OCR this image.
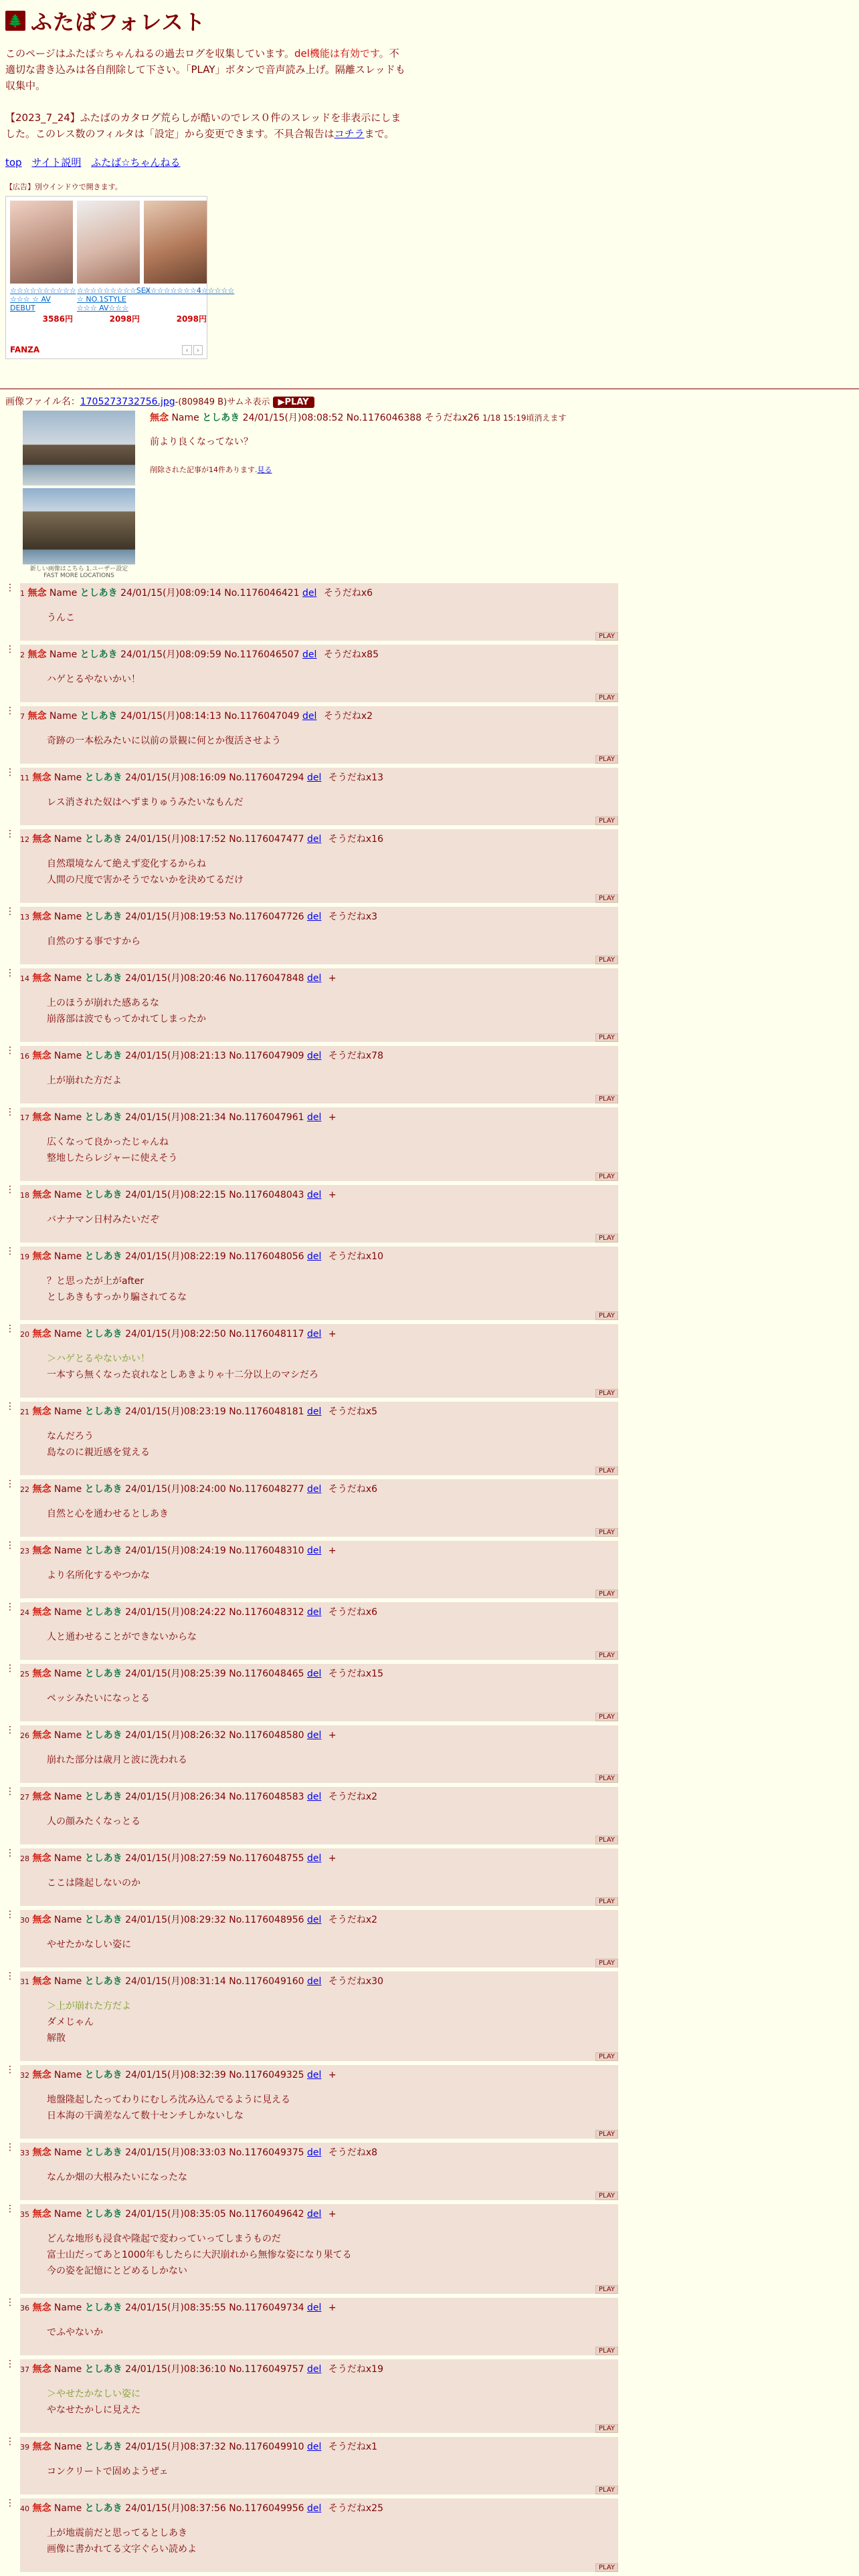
🌲 ふたばフォレスト
このページはふたば☆ちゃんねるの過去ログを収集しています。del機能は有効です。不適切な書き込みは各自削除して下さい。「PLAY」ボタンで音声読み上げ。隔離スレッドも収集中。

【2023_7_24】ふたばのカタログ荒らしが酷いのでレス０件のスレッドを非表示にしました。このレス数のフィルタは「設定」から変更できます。不具合報告はコチラまで。
top サイト説明 ふたば☆ちゃんねる
【広告】別ウインドウで開きます。
☆☆☆☆☆☆☆☆☆☆ ☆☆☆ ☆ AV DEBUT
3586円
☆☆☆☆☆☆☆☆☆SEX ☆ NO.1STYLE ☆☆☆ AV☆☆☆
2098円
☆☆☆☆☆☆☆☆4☆☆☆☆☆
2098円
FANZA	‹ ›
画像ファイル名：1705273732756.jpg-(809849 B)サムネ表示 ▶PLAY
新しい画像はこちら 1.ユーザー設定 FAST MORE LOCATIONS
無念 Name としあき 24/01/15(月)08:08:52 No.1176046388 そうだねx26 1/18 15:19頃消えます
前より良くなってない？
削除された記事が14件あります.見る
⋮
1 無念 Name としあき 24/01/15(月)08:09:14 No.1176046421 del そうだねx6
うんこ
PLAY
⋮
2 無念 Name としあき 24/01/15(月)08:09:59 No.1176046507 del そうだねx85
ハゲとるやないかい！
PLAY
⋮
7 無念 Name としあき 24/01/15(月)08:14:13 No.1176047049 del そうだねx2
奇跡の一本松みたいに以前の景観に何とか復活させよう
PLAY
⋮
11 無念 Name としあき 24/01/15(月)08:16:09 No.1176047294 del そうだねx13
レス消された奴はへずまりゅうみたいなもんだ
PLAY
⋮
12 無念 Name としあき 24/01/15(月)08:17:52 No.1176047477 del そうだねx16
自然環境なんて絶えず変化するからね
人間の尺度で害かそうでないかを決めてるだけ
PLAY
⋮
13 無念 Name としあき 24/01/15(月)08:19:53 No.1176047726 del そうだねx3
自然のする事ですから
PLAY
⋮
14 無念 Name としあき 24/01/15(月)08:20:46 No.1176047848 del +
上のほうが崩れた感あるな
崩落部は波でもってかれてしまったか
PLAY
⋮
16 無念 Name としあき 24/01/15(月)08:21:13 No.1176047909 del そうだねx78
上が崩れた方だよ
PLAY
⋮
17 無念 Name としあき 24/01/15(月)08:21:34 No.1176047961 del +
広くなって良かったじゃんね
整地したらレジャーに使えそう
PLAY
⋮
18 無念 Name としあき 24/01/15(月)08:22:15 No.1176048043 del +
バナナマン日村みたいだぞ
PLAY
⋮
19 無念 Name としあき 24/01/15(月)08:22:19 No.1176048056 del そうだねx10
？と思ったが上がafter
としあきもすっかり騙されてるな
PLAY
⋮
20 無念 Name としあき 24/01/15(月)08:22:50 No.1176048117 del +
＞ハゲとるやないかい！
一本すら無くなった哀れなとしあきよりゃ十二分以上のマシだろ
PLAY
⋮
21 無念 Name としあき 24/01/15(月)08:23:19 No.1176048181 del そうだねx5
なんだろう
島なのに親近感を覚える
PLAY
⋮
22 無念 Name としあき 24/01/15(月)08:24:00 No.1176048277 del そうだねx6
自然と心を通わせるとしあき
PLAY
⋮
23 無念 Name としあき 24/01/15(月)08:24:19 No.1176048310 del +
より名所化するやつかな
PLAY
⋮
24 無念 Name としあき 24/01/15(月)08:24:22 No.1176048312 del そうだねx6
人と通わせることができないからな
PLAY
⋮
25 無念 Name としあき 24/01/15(月)08:25:39 No.1176048465 del そうだねx15
ペッシみたいになっとる
PLAY
⋮
26 無念 Name としあき 24/01/15(月)08:26:32 No.1176048580 del +
崩れた部分は歳月と波に洗われる
PLAY
⋮
27 無念 Name としあき 24/01/15(月)08:26:34 No.1176048583 del そうだねx2
人の顔みたくなっとる
PLAY
⋮
28 無念 Name としあき 24/01/15(月)08:27:59 No.1176048755 del +
ここは隆起しないのか
PLAY
⋮
30 無念 Name としあき 24/01/15(月)08:29:32 No.1176048956 del そうだねx2
やせたかなしい姿に
PLAY
⋮
31 無念 Name としあき 24/01/15(月)08:31:14 No.1176049160 del そうだねx30
＞上が崩れた方だよ
ダメじゃん
解散
PLAY
⋮
32 無念 Name としあき 24/01/15(月)08:32:39 No.1176049325 del +
地盤隆起したってわりにむしろ沈み込んでるように見える
日本海の干満差なんて数十センチしかないしな
PLAY
⋮
33 無念 Name としあき 24/01/15(月)08:33:03 No.1176049375 del そうだねx8
なんか畑の大根みたいになったな
PLAY
⋮
35 無念 Name としあき 24/01/15(月)08:35:05 No.1176049642 del +
どんな地形も浸食や隆起で変わっていってしまうものだ
富士山だってあと1000年もしたらに大沢崩れから無惨な姿になり果てる
今の姿を記憶にとどめるしかない
PLAY
⋮
36 無念 Name としあき 24/01/15(月)08:35:55 No.1176049734 del +
でふやないか
PLAY
⋮
37 無念 Name としあき 24/01/15(月)08:36:10 No.1176049757 del そうだねx19
＞やせたかなしい姿に
やなせたかしに見えた
PLAY
⋮
39 無念 Name としあき 24/01/15(月)08:37:32 No.1176049910 del そうだねx1
コンクリートで固めようぜェ
PLAY
⋮
40 無念 Name としあき 24/01/15(月)08:37:56 No.1176049956 del そうだねx25
上が地震前だと思ってるとしあき
画像に書かれてる文字ぐらい読めよ
PLAY
